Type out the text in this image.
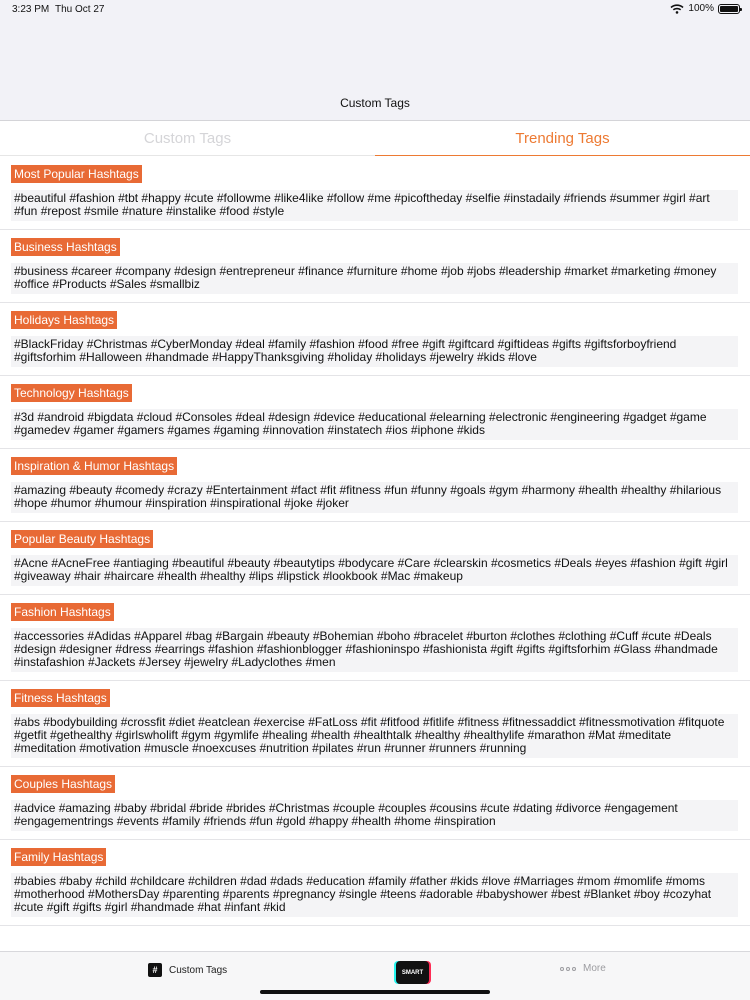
3:23 PM Thu Oct 27	100%
Custom Tags
Custom Tags	Trending Tags
Most Popular Hashtags
#beautiful #fashion #tbt #happy #cute #followme #like4like #follow #me #picoftheday #selfie #instadaily #friends #summer #girl #art #fun #repost #smile #nature #instalike #food #style
Business Hashtags
#business #career #company #design #entrepreneur #finance #furniture #home #job #jobs #leadership #market #marketing #money #office #Products #Sales #smallbiz
Holidays Hashtags
#BlackFriday #Christmas #CyberMonday #deal #family #fashion #food #free #gift #giftcard #giftideas #gifts #giftsforboyfriend #giftsforhim #Halloween #handmade #HappyThanksgiving #holiday #holidays #jewelry #kids #love
Technology Hashtags
#3d #android #bigdata #cloud #Consoles #deal #design #device #educational #elearning #electronic #engineering #gadget #game #gamedev #gamer #gamers #games #gaming #innovation #instatech #ios #iphone #kids
Inspiration & Humor Hashtags
#amazing #beauty #comedy #crazy #Entertainment #fact #fit #fitness #fun #funny #goals #gym #harmony #health #healthy #hilarious #hope #humor #humour #inspiration #inspirational #joke #joker
Popular Beauty Hashtags
#Acne #AcneFree #antiaging #beautiful #beauty #beautytips #bodycare #Care #clearskin #cosmetics #Deals #eyes #fashion #gift #girl #giveaway #hair #haircare #health #healthy #lips #lipstick #lookbook #Mac #makeup
Fashion Hashtags
#accessories #Adidas #Apparel #bag #Bargain #beauty #Bohemian #boho #bracelet #burton #clothes #clothing #Cuff #cute #Deals #design #designer #dress #earrings #fashion #fashionblogger #fashioninspo #fashionista #gift #gifts #giftsforhim #Glass #handmade #instafashion #Jackets #Jersey #jewelry #Ladyclothes #men
Fitness Hashtags
#abs #bodybuilding #crossfit #diet #eatclean #exercise #FatLoss #fit #fitfood #fitlife #fitness #fitnessaddict #fitnessmotivation #fitquote #getfit #gethealthy #girlswholift #gym #gymlife #healing #health #healthtalk #healthy #healthylife #marathon #Mat #meditate #meditation #motivation #muscle #noexcuses #nutrition #pilates #run #runner #runners #running
Couples Hashtags
#advice #amazing #baby #bridal #bride #brides #Christmas #couple #couples #cousins #cute #dating #divorce #engagement #engagementrings #events #family #friends #fun #gold #happy #health #home #inspiration
Family Hashtags
#babies #baby #child #childcare #children #dad #dads #education #family #father #kids #love #Marriages #mom #momlife #moms #motherhood #MothersDay #parenting #parents #pregnancy #single #teens #adorable #babyshower #best #Blanket #boy #cozyhat #cute #gift #gifts #girl #handmade #hat #infant #kid
#	Custom Tags	SMART	More
